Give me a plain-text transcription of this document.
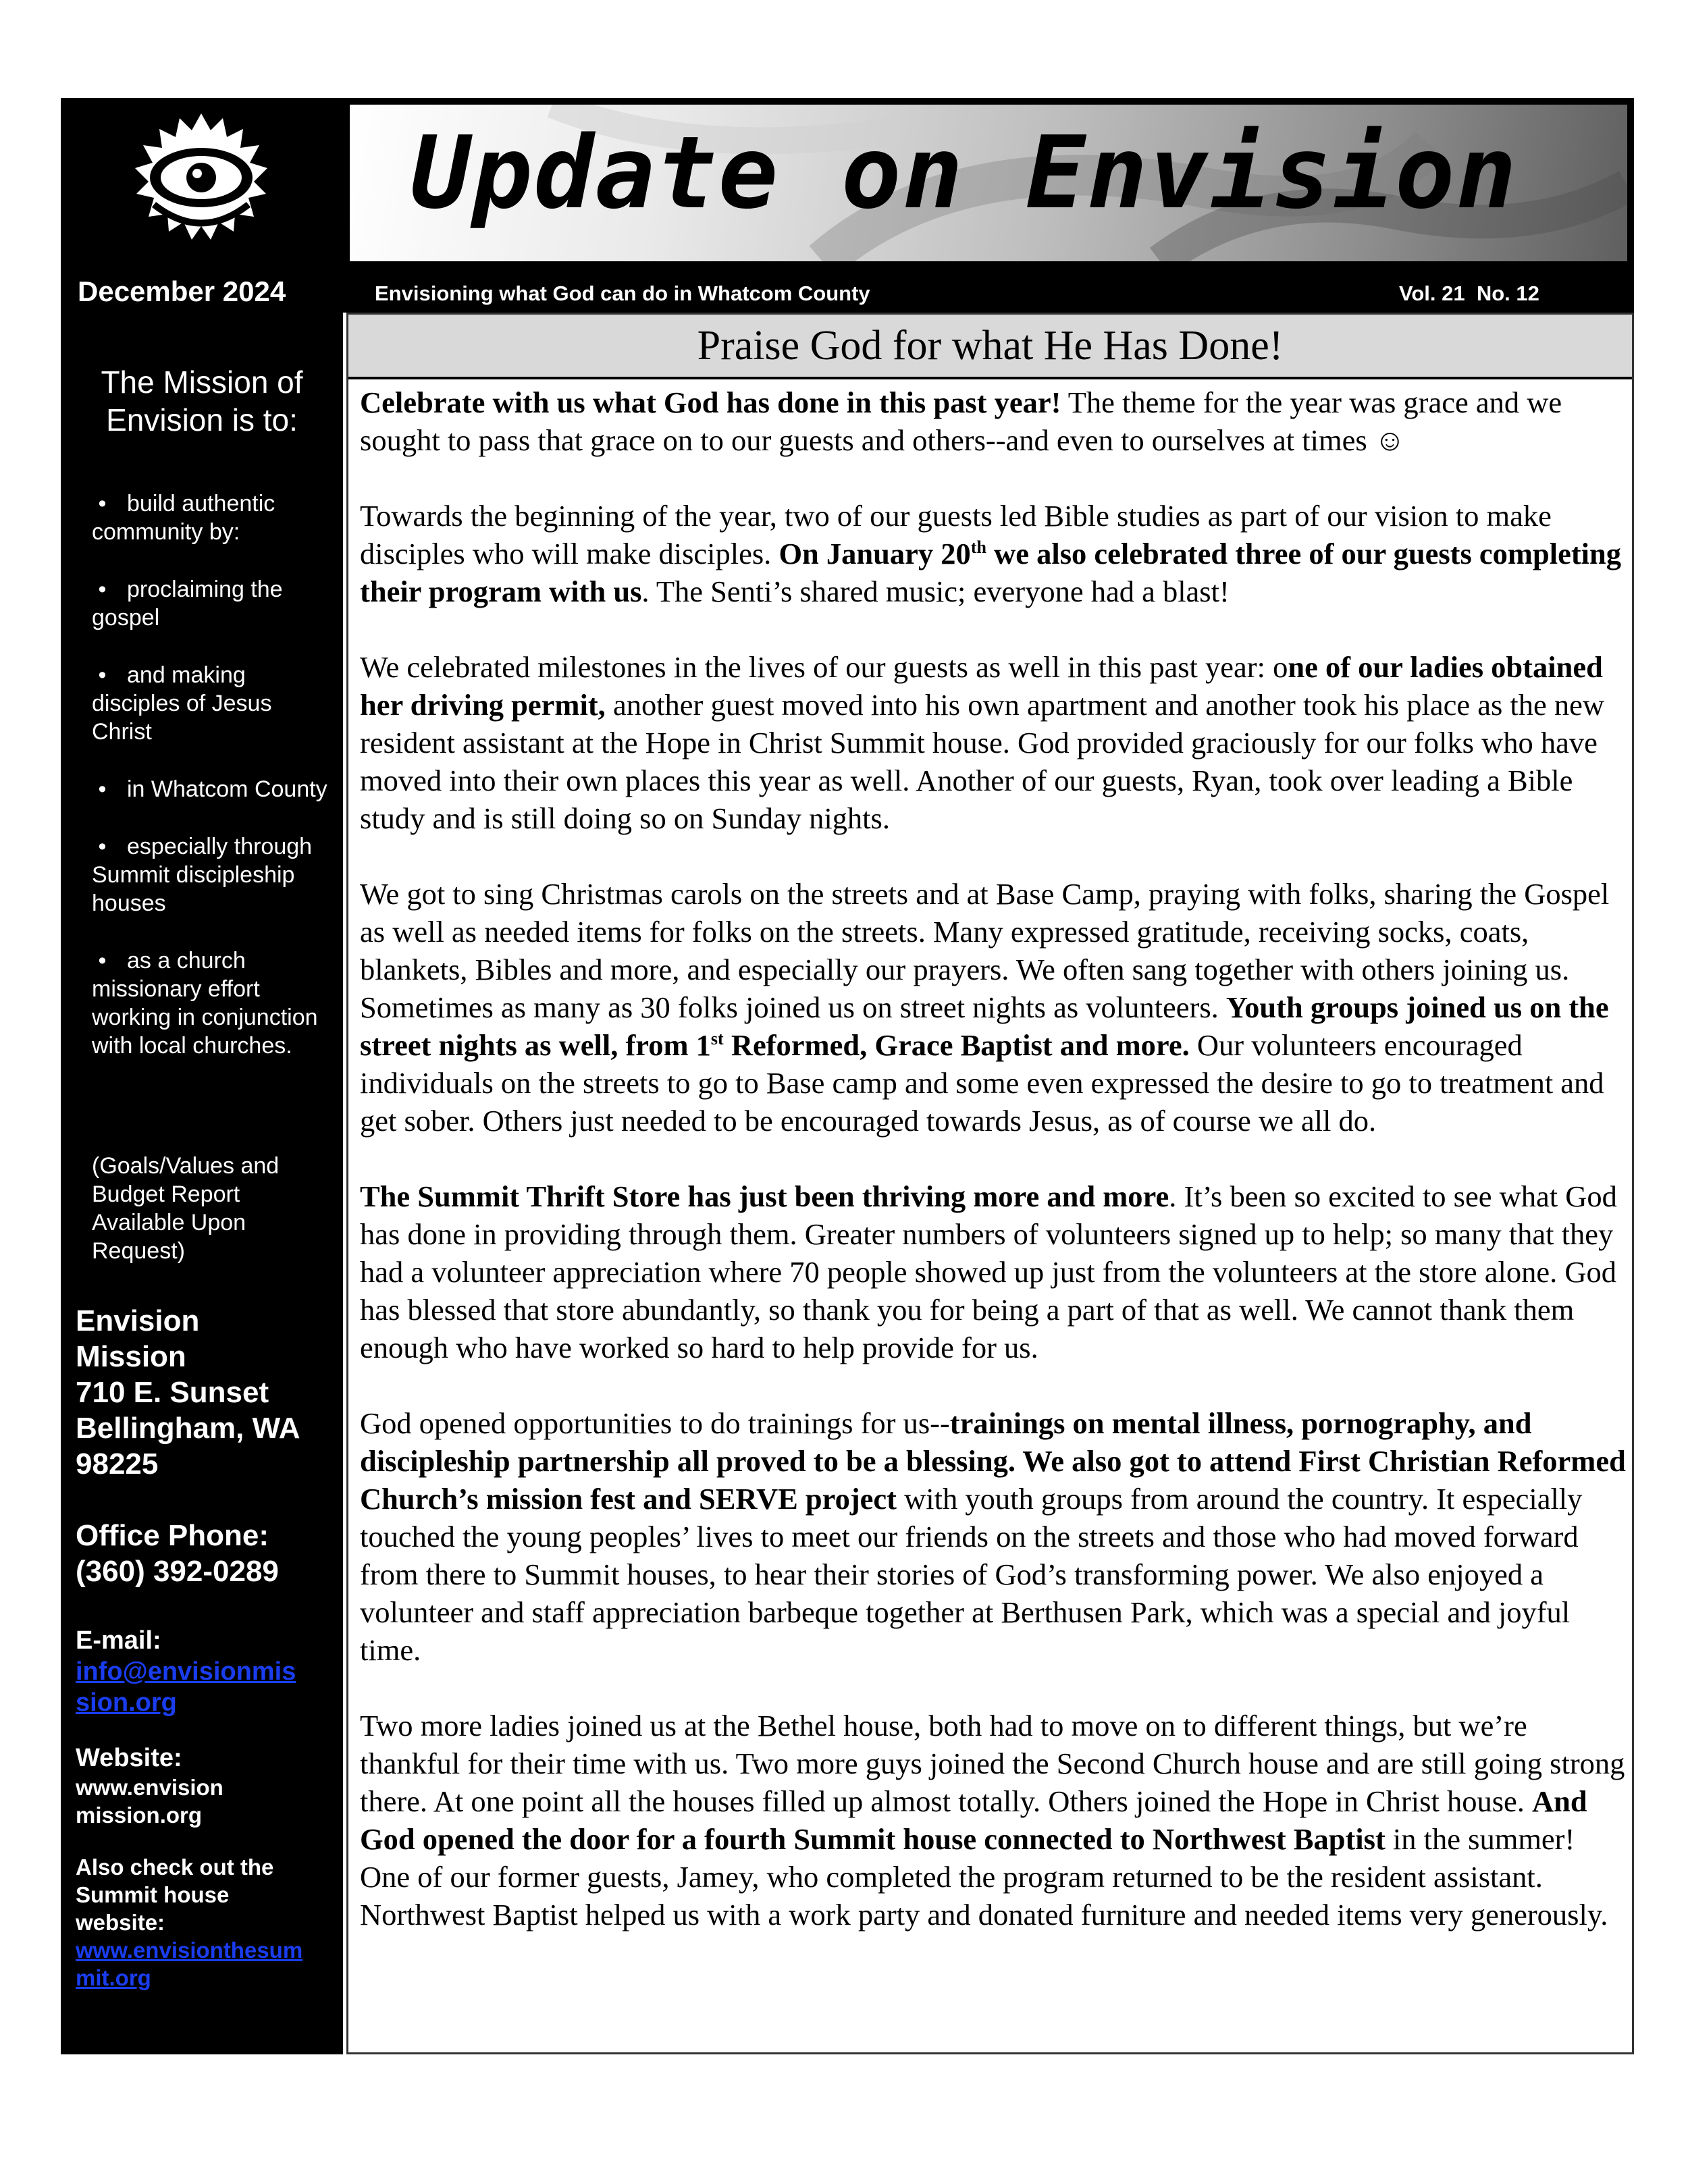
Update on Envision
December 2024	Envisioning what God can do in Whatcom County	Vol. 21  No. 12
The Mission of
Envision is to:
• build authentic community by:
• proclaiming the gospel
• and making disciples of Jesus Christ
• in Whatcom County
• especially through Summit discipleship houses
• as a church missionary effort working in conjunction with local churches.
(Goals/Values and Budget Report Available Upon Request)
Envision
Mission
710 E. Sunset
Bellingham, WA
98225
Office Phone:
(360) 392-0289
E-mail:
info@envisionmis
sion.org
Website:
www.envision
mission.org
Also check out the
Summit house
website:
www.envisionthesum
mit.org
Praise God for what He Has Done!

Celebrate with us what God has done in this past year! The theme for the year was grace and we sought to pass that grace on to our guests and others--and even to ourselves at times ☺

Towards the beginning of the year, two of our guests led Bible studies as part of our vision to make disciples who will make disciples. On January 20th we also celebrated three of our guests completing their program with us. The Senti’s shared music; everyone had a blast!

We celebrated milestones in the lives of our guests as well in this past year: one of our ladies obtained her driving permit, another guest moved into his own apartment and another took his place as the new resident assistant at the Hope in Christ Summit house. God provided graciously for our folks who have moved into their own places this year as well. Another of our guests, Ryan, took over leading a Bible study and is still doing so on Sunday nights.

We got to sing Christmas carols on the streets and at Base Camp, praying with folks, sharing the Gospel as well as needed items for folks on the streets. Many expressed gratitude, receiving socks, coats, blankets, Bibles and more, and especially our prayers. We often sang together with others joining us. Sometimes as many as 30 folks joined us on street nights as volunteers. Youth groups joined us on the street nights as well, from 1st Reformed, Grace Baptist and more. Our volunteers encouraged individuals on the streets to go to Base camp and some even expressed the desire to go to treatment and get sober. Others just needed to be encouraged towards Jesus, as of course we all do.

The Summit Thrift Store has just been thriving more and more. It’s been so excited to see what God has done in providing through them. Greater numbers of volunteers signed up to help; so many that they had a volunteer appreciation where 70 people showed up just from the volunteers at the store alone. God has blessed that store abundantly, so thank you for being a part of that as well. We cannot thank them enough who have worked so hard to help provide for us.

God opened opportunities to do trainings for us--trainings on mental illness, pornography, and discipleship partnership all proved to be a blessing. We also got to attend First Christian Reformed Church’s mission fest and SERVE project with youth groups from around the country. It especially touched the young peoples’ lives to meet our friends on the streets and those who had moved forward from there to Summit houses, to hear their stories of God’s transforming power. We also enjoyed a volunteer and staff appreciation barbeque together at Berthusen Park, which was a special and joyful time.

Two more ladies joined us at the Bethel house, both had to move on to different things, but we’re thankful for their time with us. Two more guys joined the Second Church house and are still going strong there. At one point all the houses filled up almost totally. Others joined the Hope in Christ house. And God opened the door for a fourth Summit house connected to Northwest Baptist in the summer! One of our former guests, Jamey, who completed the program returned to be the resident assistant. Northwest Baptist helped us with a work party and donated furniture and needed items very generously.
